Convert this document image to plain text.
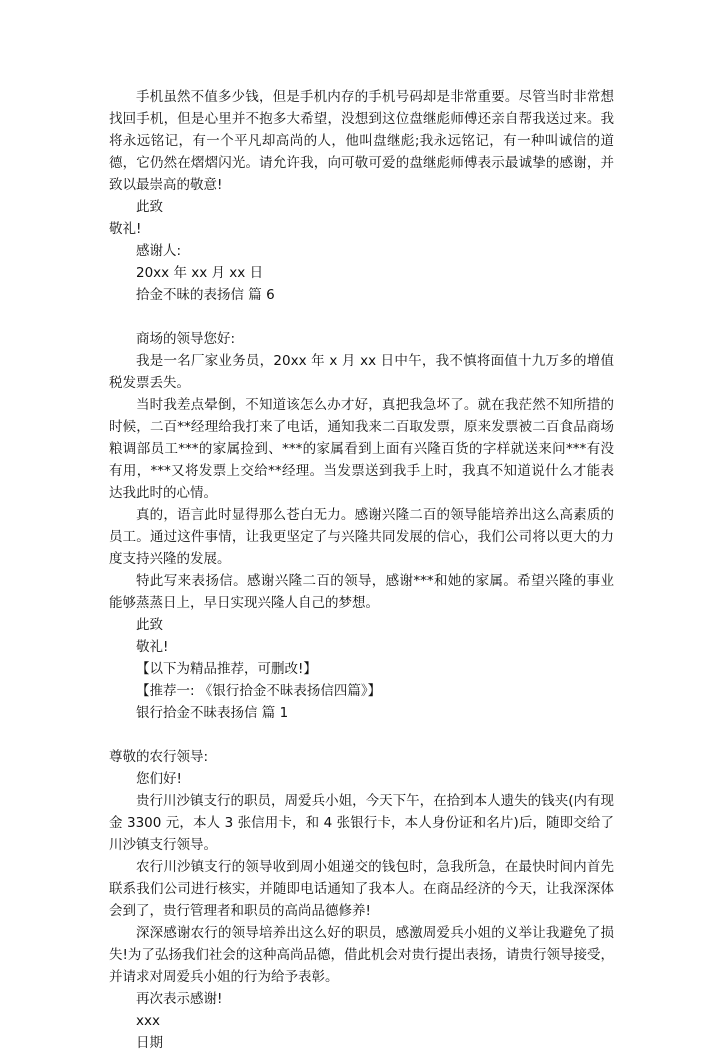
手机虽然不值多少钱，但是手机内存的手机号码却是非常重要。尽管当时非常想找回手机，但是心里并不抱多大希望，没想到这位盘继彪师傅还亲自帮我送过来。我将永远铭记，有一个平凡却高尚的人，他叫盘继彪;我永远铭记，有一种叫诚信的道德，它仍然在熠熠闪光。请允许我，向可敬可爱的盘继彪师傅表示最诚挚的感谢，并致以最崇高的敬意!

此致

敬礼!

感谢人:

20xx 年 xx 月 xx 日

拾金不昧的表扬信 篇 6

商场的领导您好:

我是一名厂家业务员，20xx 年 x 月 xx 日中午，我不慎将面值十九万多的增值税发票丢失。

当时我差点晕倒，不知道该怎么办才好，真把我急坏了。就在我茫然不知所措的时候，二百**经理给我打来了电话，通知我来二百取发票，原来发票被二百食品商场粮调部员工***的家属捡到、***的家属看到上面有兴隆百货的字样就送来问***有没有用，***又将发票上交给**经理。当发票送到我手上时，我真不知道说什么才能表达我此时的心情。

真的，语言此时显得那么苍白无力。感谢兴隆二百的领导能培养出这么高素质的员工。通过这件事情，让我更坚定了与兴隆共同发展的信心，我们公司将以更大的力度支持兴隆的发展。

特此写来表扬信。感谢兴隆二百的领导，感谢***和她的家属。希望兴隆的事业能够蒸蒸日上，早日实现兴隆人自己的梦想。

此致

敬礼!

【以下为精品推荐，可删改!】

【推荐一: 《银行拾金不昧表扬信四篇》】

银行拾金不昧表扬信 篇 1

尊敬的农行领导:

您们好!

贵行川沙镇支行的职员，周爱兵小姐，今天下午，在拾到本人遗失的钱夹(内有现金 3300 元，本人 3 张信用卡，和 4 张银行卡，本人身份证和名片)后，随即交给了川沙镇支行领导。

农行川沙镇支行的领导收到周小姐递交的钱包时，急我所急，在最快时间内首先联系我们公司进行核实，并随即电话通知了我本人。在商品经济的今天，让我深深体会到了，贵行管理者和职员的高尚品德修养!

深深感谢农行的领导培养出这么好的职员，感激周爱兵小姐的义举让我避免了损失!为了弘扬我们社会的这种高尚品德，借此机会对贵行提出表扬，请贵行领导接受，并请求对周爱兵小姐的行为给予表彰。

再次表示感谢!

xxx

日期
